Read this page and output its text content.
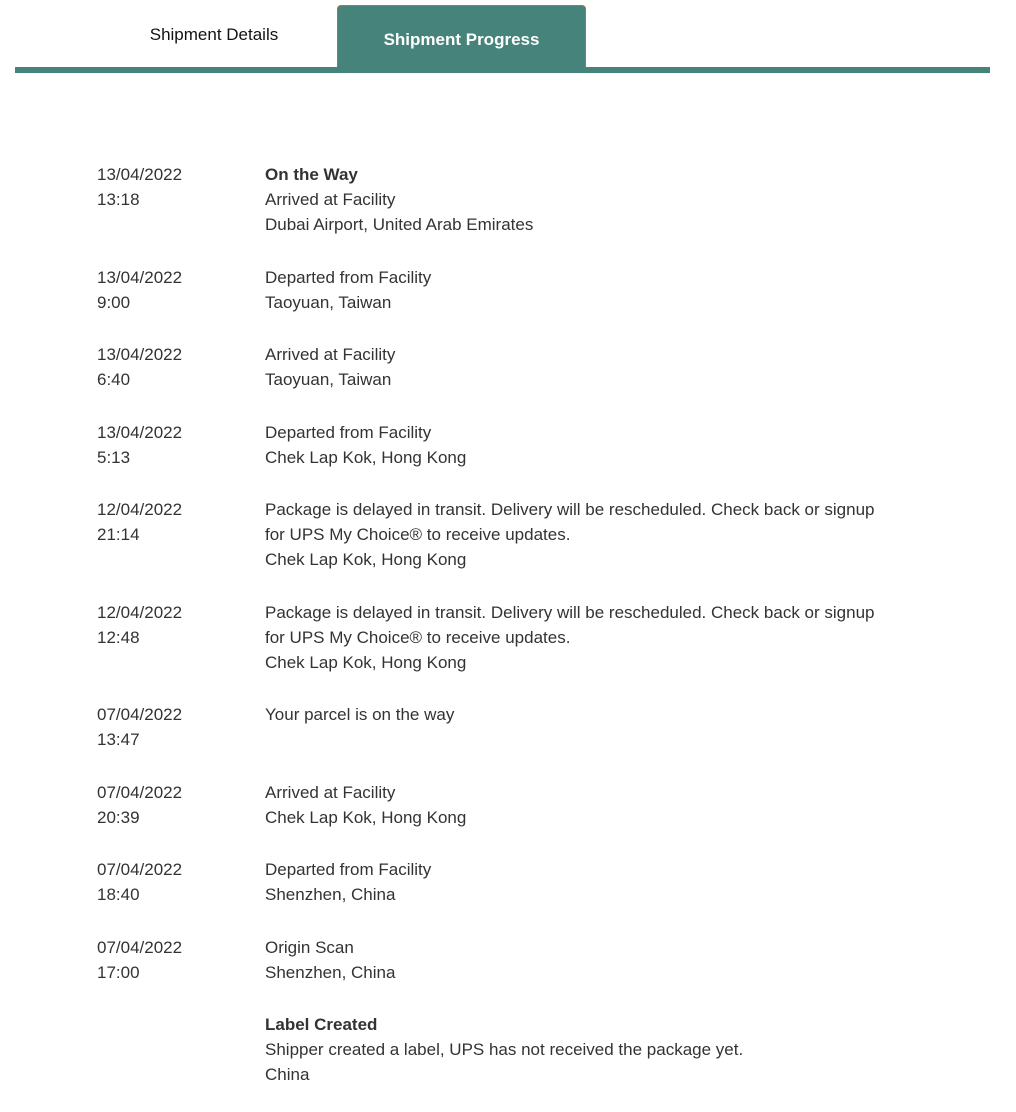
Shipment Details	Shipment Progress
13/04/2022
13:18
On the Way
Arrived at Facility
Dubai Airport, United Arab Emirates
13/04/2022
9:00
Departed from Facility
Taoyuan, Taiwan
13/04/2022
6:40
Arrived at Facility
Taoyuan, Taiwan
13/04/2022
5:13
Departed from Facility
Chek Lap Kok, Hong Kong
12/04/2022
21:14
Package is delayed in transit. Delivery will be rescheduled. Check back or signup for UPS My Choice® to receive updates.
Chek Lap Kok, Hong Kong
12/04/2022
12:48
Package is delayed in transit. Delivery will be rescheduled. Check back or signup for UPS My Choice® to receive updates.
Chek Lap Kok, Hong Kong
07/04/2022
13:47
Your parcel is on the way
07/04/2022
20:39
Arrived at Facility
Chek Lap Kok, Hong Kong
07/04/2022
18:40
Departed from Facility
Shenzhen, China
07/04/2022
17:00
Origin Scan
Shenzhen, China
Label Created
Shipper created a label, UPS has not received the package yet.
China
